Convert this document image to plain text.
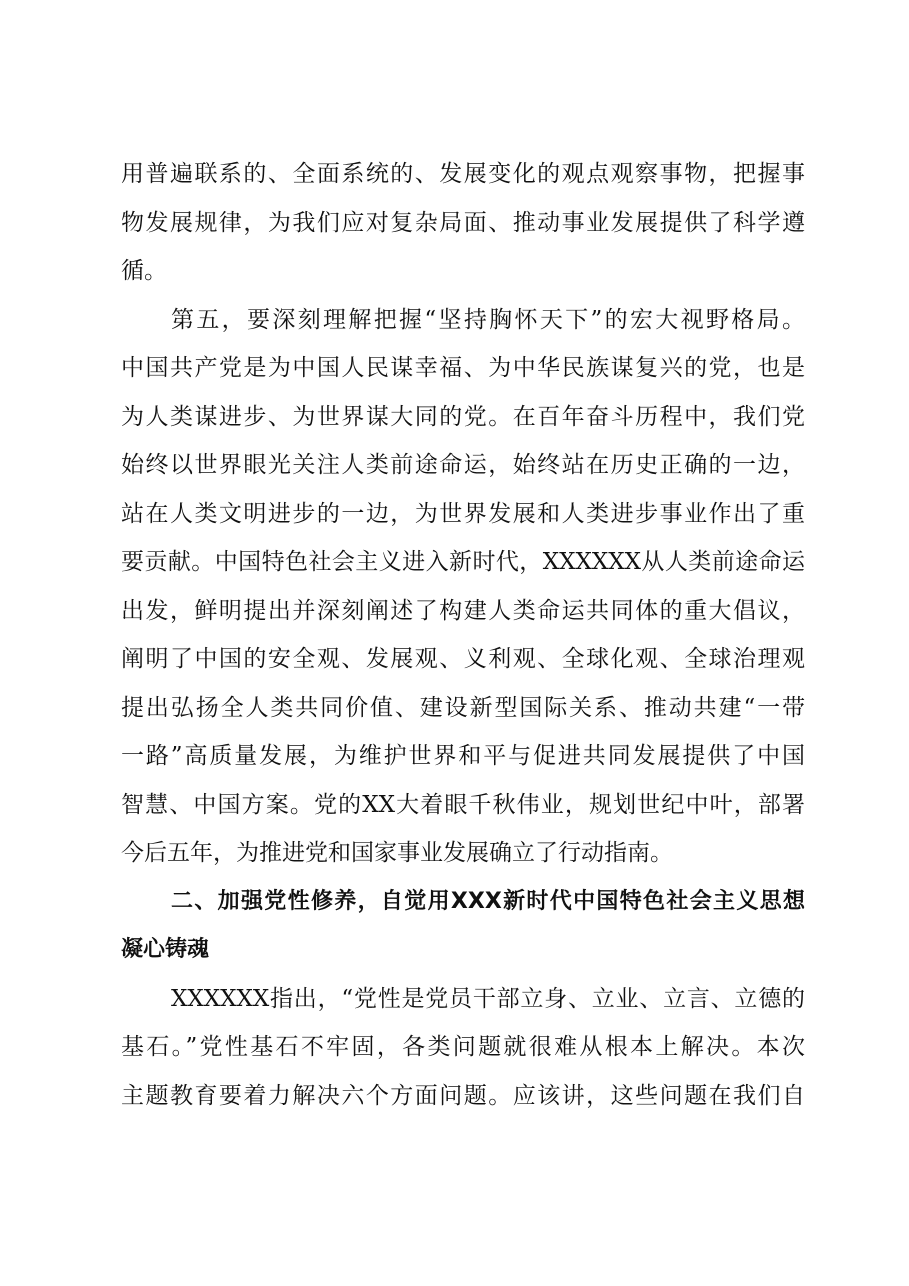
用普遍联系的、全面系统的、发展变化的观点观察事物，把握事
物发展规律，为我们应对复杂局面、推动事业发展提供了科学遵
循。
第五，要深刻理解把握“坚持胸怀天下”的宏大视野格局。
中国共产党是为中国人民谋幸福、为中华民族谋复兴的党，也是
为人类谋进步、为世界谋大同的党。在百年奋斗历程中，我们党
始终以世界眼光关注人类前途命运，始终站在历史正确的一边，
站在人类文明进步的一边，为世界发展和人类进步事业作出了重
要贡献。中国特色社会主义进入新时代，XXXXXX从人类前途命运
出发，鲜明提出并深刻阐述了构建人类命运共同体的重大倡议，
阐明了中国的安全观、发展观、义利观、全球化观、全球治理观
提出弘扬全人类共同价值、建设新型国际关系、推动共建“一带
一路”高质量发展，为维护世界和平与促进共同发展提供了中国
智慧、中国方案。党的XX大着眼千秋伟业，规划世纪中叶，部署
今后五年，为推进党和国家事业发展确立了行动指南。
二、加强党性修养，自觉用XXX新时代中国特色社会主义思想
凝心铸魂
XXXXXX指出，“党性是党员干部立身、立业、立言、立德的
基石。”党性基石不牢固，各类问题就很难从根本上解决。本次
主题教育要着力解决六个方面问题。应该讲，这些问题在我们自
